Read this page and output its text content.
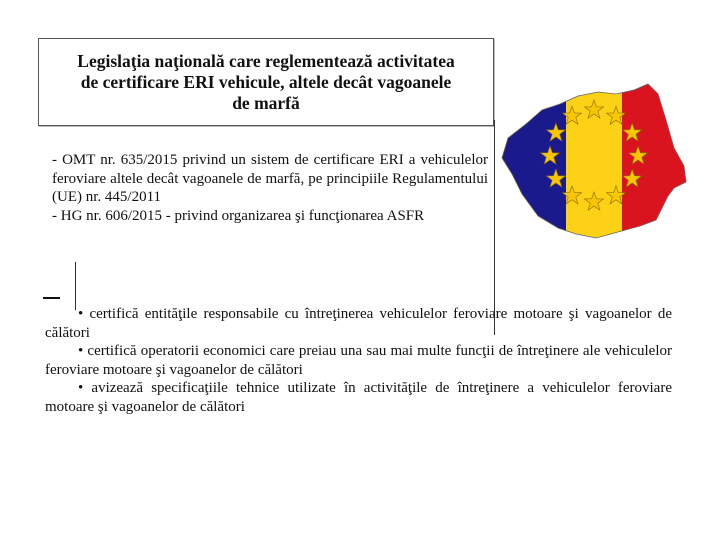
Legislaţia naţională care reglementează activitatea
de certificare ERI vehicule, altele decât vagoanele
de marfă

- OMT nr. 635/2015 privind un sistem de certificare ERI a vehiculelor feroviare altele decât vagoanele de marfă, pe principiile Regulamentului (UE) nr. 445/2011

- HG nr. 606/2015 - privind organizarea şi funcţionarea ASFR

• certifică entităţile responsabile cu întreţinerea vehiculelor feroviare motoare şi vagoanelor de călători

• certifică operatorii economici care preiau una sau mai multe funcţii de întreţinere ale vehiculelor feroviare motoare şi vagoanelor de călători

• avizează specificaţiile tehnice utilizate în activităţile de întreţinere a vehiculelor feroviare motoare şi vagoanelor de călători
